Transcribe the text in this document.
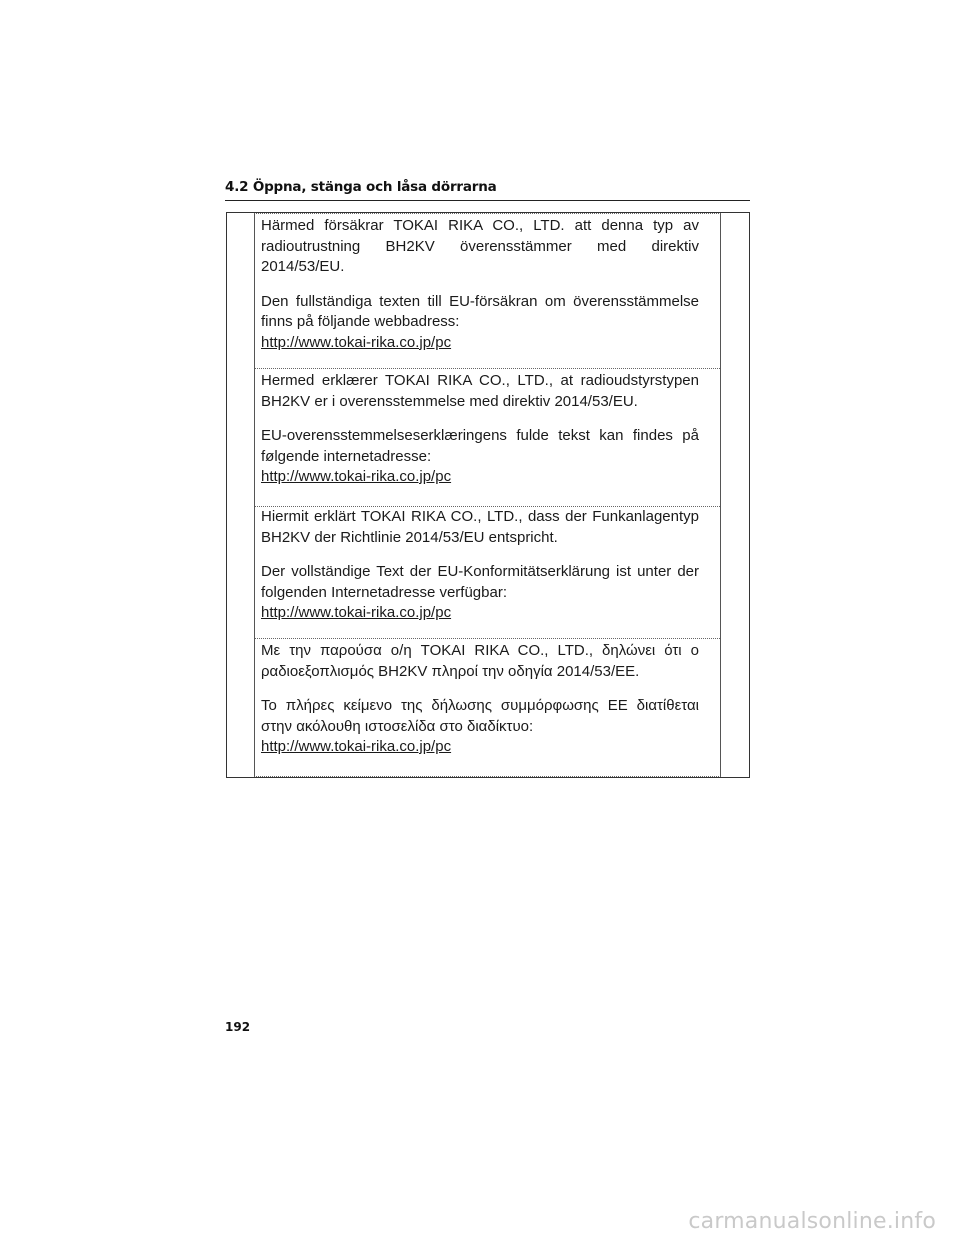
4.2 Öppna, stänga och låsa dörrarna

Härmed försäkrar TOKAI RIKA CO., LTD. att denna typ av radioutrustning BH2KV överensstämmer med direktiv 2014/53/EU.

Den fullständiga texten till EU-försäkran om överensstämmelse finns på följande webbadress:

http://www.tokai-rika.co.jp/pc

Hermed erklærer TOKAI RIKA CO., LTD., at radioudstyrstypen BH2KV er i overensstemmelse med direktiv 2014/53/EU.

EU-overensstemmelseserklæringens fulde tekst kan findes på følgende internetadresse:

http://www.tokai-rika.co.jp/pc

Hiermit erklärt TOKAI RIKA CO., LTD., dass der Funkanlagentyp BH2KV der Richtlinie 2014/53/EU entspricht.

Der vollständige Text der EU-Konformitätserklärung ist unter der folgenden Internetadresse verfügbar:

http://www.tokai-rika.co.jp/pc

Με την παρούσα ο/η TOKAI RIKA CO., LTD., δηλώνει ότι ο ραδιοεξοπλισμός BH2KV πληροί την οδηγία 2014/53/ΕΕ.

Το πλήρες κείμενο της δήλωσης συμμόρφωσης ΕΕ διατίθεται στην ακόλουθη ιστοσελίδα στο διαδίκτυο:

http://www.tokai-rika.co.jp/pc
192
carmanualsonline.info
